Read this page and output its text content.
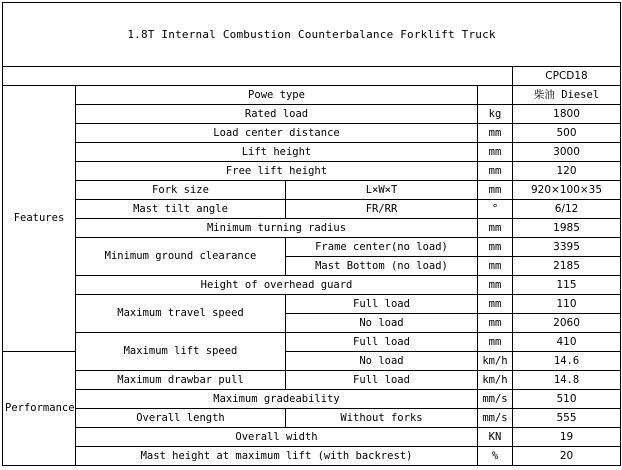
1.8T Internal Combustion Counterbalance Forklift Truck				
				CPCD18
Features	Powe type			柴油 Diesel
	Rated load		kg	1800
	Load center distance		mm	500
	Lift height		mm	3000
	Free lift height		mm	120
	Fork size	L×W×T	mm	920×100×35
	Mast tilt angle	FR/RR	°	6/12
	Minimum turning radius		mm	1985
	Minimum ground clearance	Frame center(no load)	mm	3395
		Mast Bottom (no load)	mm	2185
	Height of overhead guard		mm	115
	Maximum travel speed	Full load	mm	110
		No load	mm	2060
	Maximum lift speed	Full load	mm	410
Performance		No load	km/h	14.6
	Maximum drawbar pull	Full load	km/h	14.8
	Maximum gradeability		mm/s	510
	Overall length	Without forks	mm/s	555
	Overall width		KN	19
	Mast height at maximum lift (with backrest)		%	20
